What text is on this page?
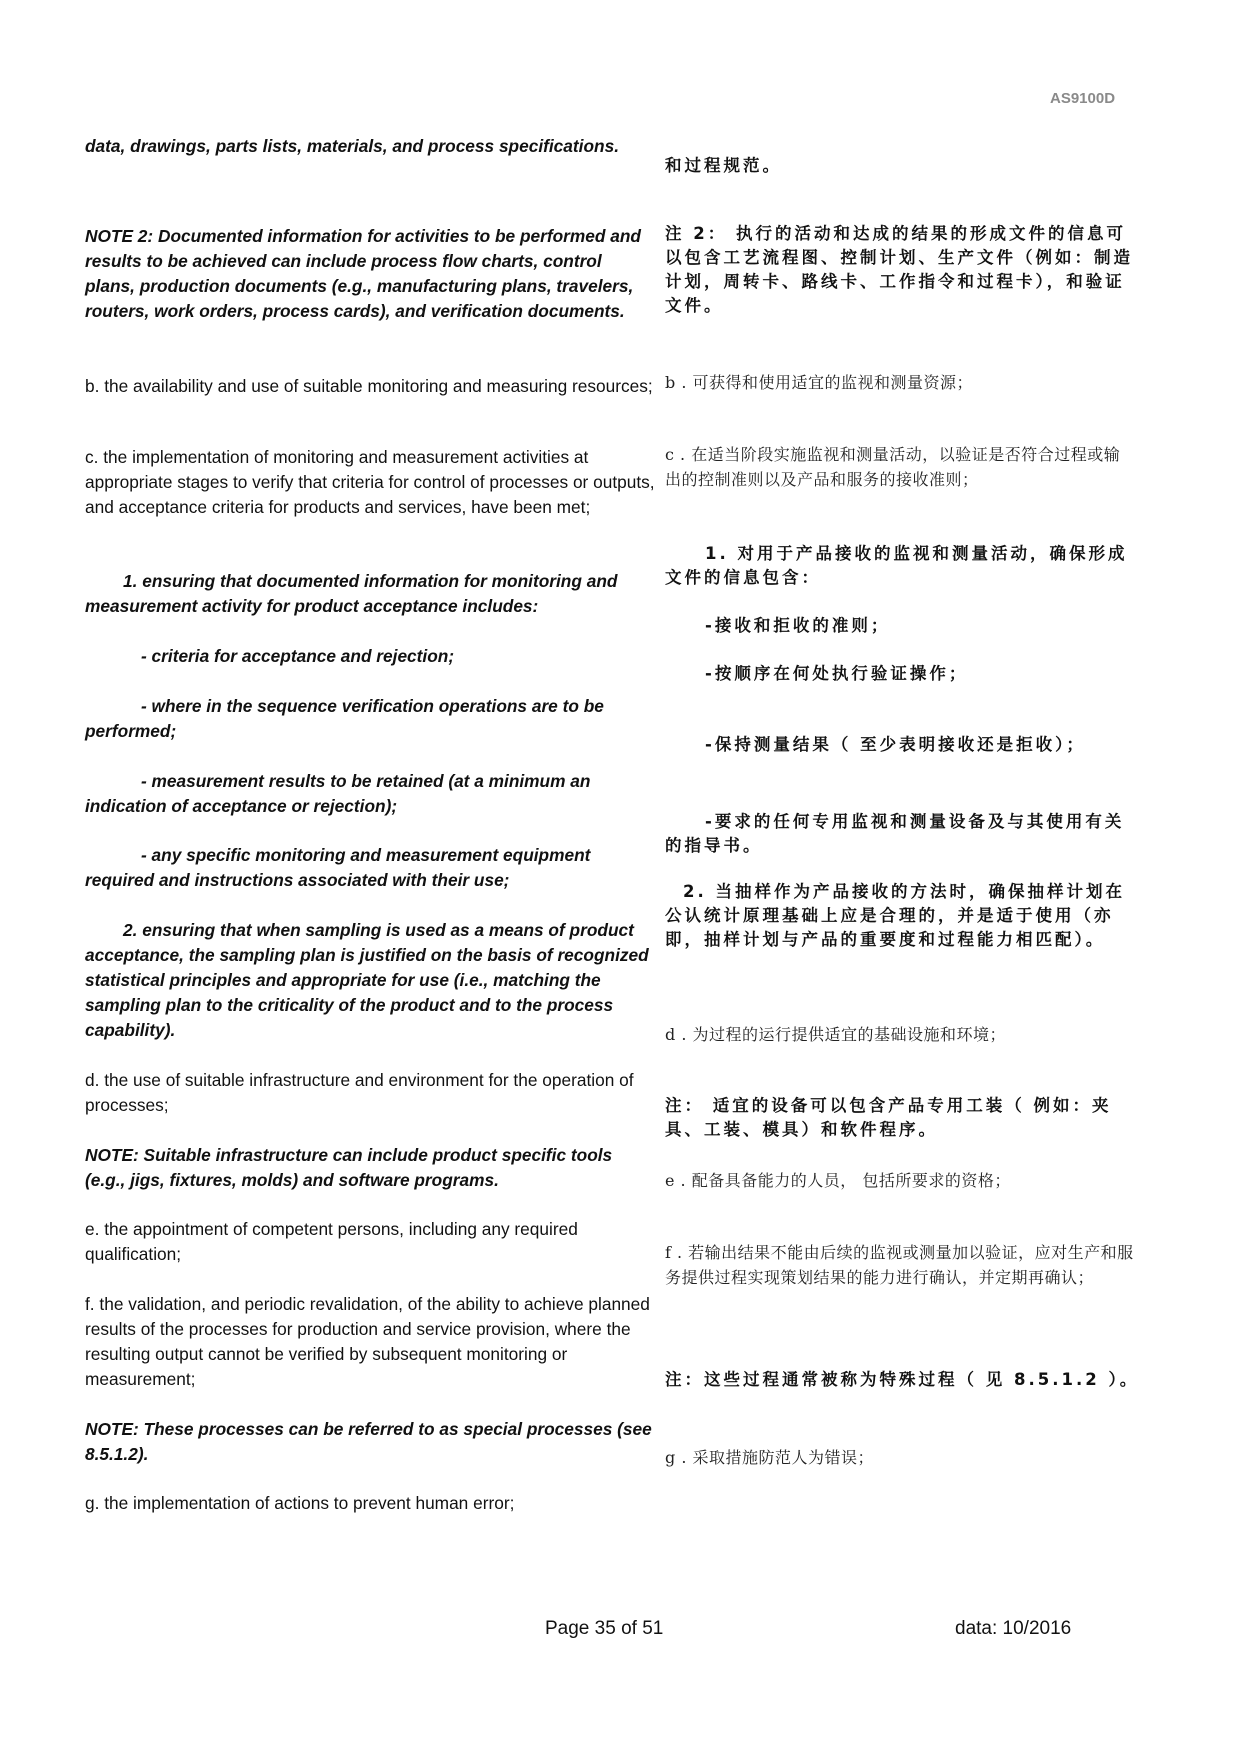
AS9100D
data, drawings, parts lists, materials, and process specifications.
NOTE 2: Documented information for activities to be performed and results to be achieved can include process flow charts, control plans, production documents (e.g., manufacturing plans, travelers, routers, work orders, process cards), and verification documents.
b. the availability and use of suitable monitoring and measuring resources;
c. the implementation of monitoring and measurement activities at appropriate stages to verify that criteria for control of processes or outputs, and acceptance criteria for products and services, have been met;
1. ensuring that documented information for monitoring and measurement activity for product acceptance includes:
- criteria for acceptance and rejection;
- where in the sequence verification operations are to be performed;
- measurement results to be retained (at a minimum an indication of acceptance or rejection);
- any specific monitoring and measurement equipment required and instructions associated with their use;
2. ensuring that when sampling is used as a means of product acceptance, the sampling plan is justified on the basis of recognized statistical principles and appropriate for use (i.e., matching the sampling plan to the criticality of the product and to the process capability).
d. the use of suitable infrastructure and environment for the operation of processes;
NOTE: Suitable infrastructure can include product specific tools (e.g., jigs, fixtures, molds) and software programs.
e. the appointment of competent persons, including any required qualification;
f. the validation, and periodic revalidation, of the ability to achieve planned results of the processes for production and service provision, where the resulting output cannot be verified by subsequent monitoring or measurement;
NOTE: These processes can be referred to as special processes (see 8.5.1.2).
g. the implementation of actions to prevent human error;
和过程规范。
注 2： 执行的活动和达成的结果的形成文件的信息可以包含工艺流程图、控制计划、生产文件（例如：制造计划，周转卡、路线卡、工作指令和过程卡），和验证文件。
b . 可获得和使用适宜的监视和测量资源；
c . 在适当阶段实施监视和测量活动，以验证是否符合过程或输出的控制准则以及产品和服务的接收准则；
1. 对用于产品接收的监视和测量活动，确保形成文件的信息包含：
-接收和拒收的准则；
-按顺序在何处执行验证操作；
-保持测量结果（ 至少表明接收还是拒收）；
-要求的任何专用监视和测量设备及与其使用有关的指导书。
2. 当抽样作为产品接收的方法时，确保抽样计划在公认统计原理基础上应是合理的，并是适于使用（亦即，抽样计划与产品的重要度和过程能力相匹配）。
d . 为过程的运行提供适宜的基础设施和环境；
注： 适宜的设备可以包含产品专用工装（ 例如：夹具、工装、模具）和软件程序。
e . 配备具备能力的人员， 包括所要求的资格；
f . 若输出结果不能由后续的监视或测量加以验证，应对生产和服务提供过程实现策划结果的能力进行确认，并定期再确认；
注：这些过程通常被称为特殊过程（ 见 8.5.1.2 ）。
g . 采取措施防范人为错误；
Page 35 of 51	data: 10/2016
